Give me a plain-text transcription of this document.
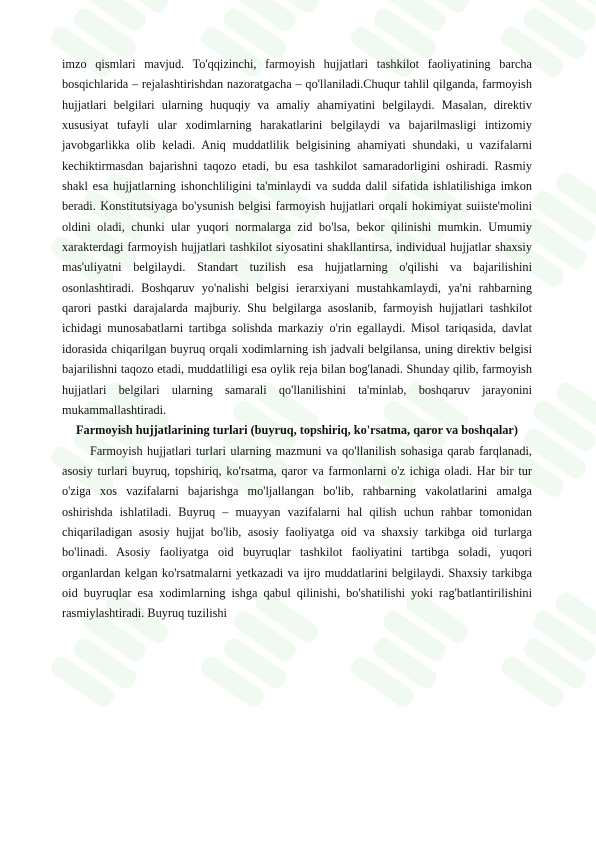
imzo qismlari mavjud. To'qqizinchi, farmoyish hujjatlari tashkilot faoliyatining barcha bosqichlarida – rejalashtirishdan nazoratgacha – qo'llaniladi.Chuqur tahlil qilganda, farmoyish hujjatlari belgilari ularning huquqiy va amaliy ahamiyatini belgilaydi. Masalan, direktiv xususiyat tufayli ular xodimlarning harakatlarini belgilaydi va bajarilmasligi intizomiy javobgarlikka olib keladi. Aniq muddatlilik belgisining ahamiyati shundaki, u vazifalarni kechiktirmasdan bajarishni taqozo etadi, bu esa tashkilot samaradorligini oshiradi. Rasmiy shakl esa hujjatlarning ishonchliligini ta'minlaydi va sudda dalil sifatida ishlatilishiga imkon beradi. Konstitutsiyaga bo'ysunish belgisi farmoyish hujjatlari orqali hokimiyat suiiste'molini oldini oladi, chunki ular yuqori normalarga zid bo'lsa, bekor qilinishi mumkin. Umumiy xarakterdagi farmoyish hujjatlari tashkilot siyosatini shakllantirsa, individual hujjatlar shaxsiy mas'uliyatni belgilaydi. Standart tuzilish esa hujjatlarning o'qilishi va bajarilishini osonlashtiradi. Boshqaruv yo'nalishi belgisi ierarxiyani mustahkamlaydi, ya'ni rahbarning qarori pastki darajalarda majburiy. Shu belgilarga asoslanib, farmoyish hujjatlari tashkilot ichidagi munosabatlarni tartibga solishda markaziy o'rin egallaydi. Misol tariqasida, davlat idorasida chiqarilgan buyruq orqali xodimlarning ish jadvali belgilansa, uning direktiv belgisi bajarilishni taqozo etadi, muddatliligi esa oylik reja bilan bog'lanadi. Shunday qilib, farmoyish hujjatlari belgilari ularning samarali qo'llanilishini ta'minlab, boshqaruv jarayonini mukammallashtiradi.

Farmoyish hujjatlarining turlari (buyruq, topshiriq, ko'rsatma, qaror va boshqalar)

Farmoyish hujjatlari turlari ularning mazmuni va qo'llanilish sohasiga qarab farqlanadi, asosiy turlari buyruq, topshiriq, ko'rsatma, qaror va farmonlarni o'z ichiga oladi. Har bir tur o'ziga xos vazifalarni bajarishga mo'ljallangan bo'lib, rahbarning vakolatlarini amalga oshirishda ishlatiladi. Buyruq – muayyan vazifalarni hal qilish uchun rahbar tomonidan chiqariladigan asosiy hujjat bo'lib, asosiy faoliyatga oid va shaxsiy tarkibga oid turlarga bo'linadi. Asosiy faoliyatga oid buyruqlar tashkilot faoliyatini tartibga soladi, yuqori organlardan kelgan ko'rsatmalarni yetkazadi va ijro muddatlarini belgilaydi. Shaxsiy tarkibga oid buyruqlar esa xodimlarning ishga qabul qilinishi, bo'shatilishi yoki rag'batlantirilishini rasmiylashtiradi. Buyruq tuzilishi
